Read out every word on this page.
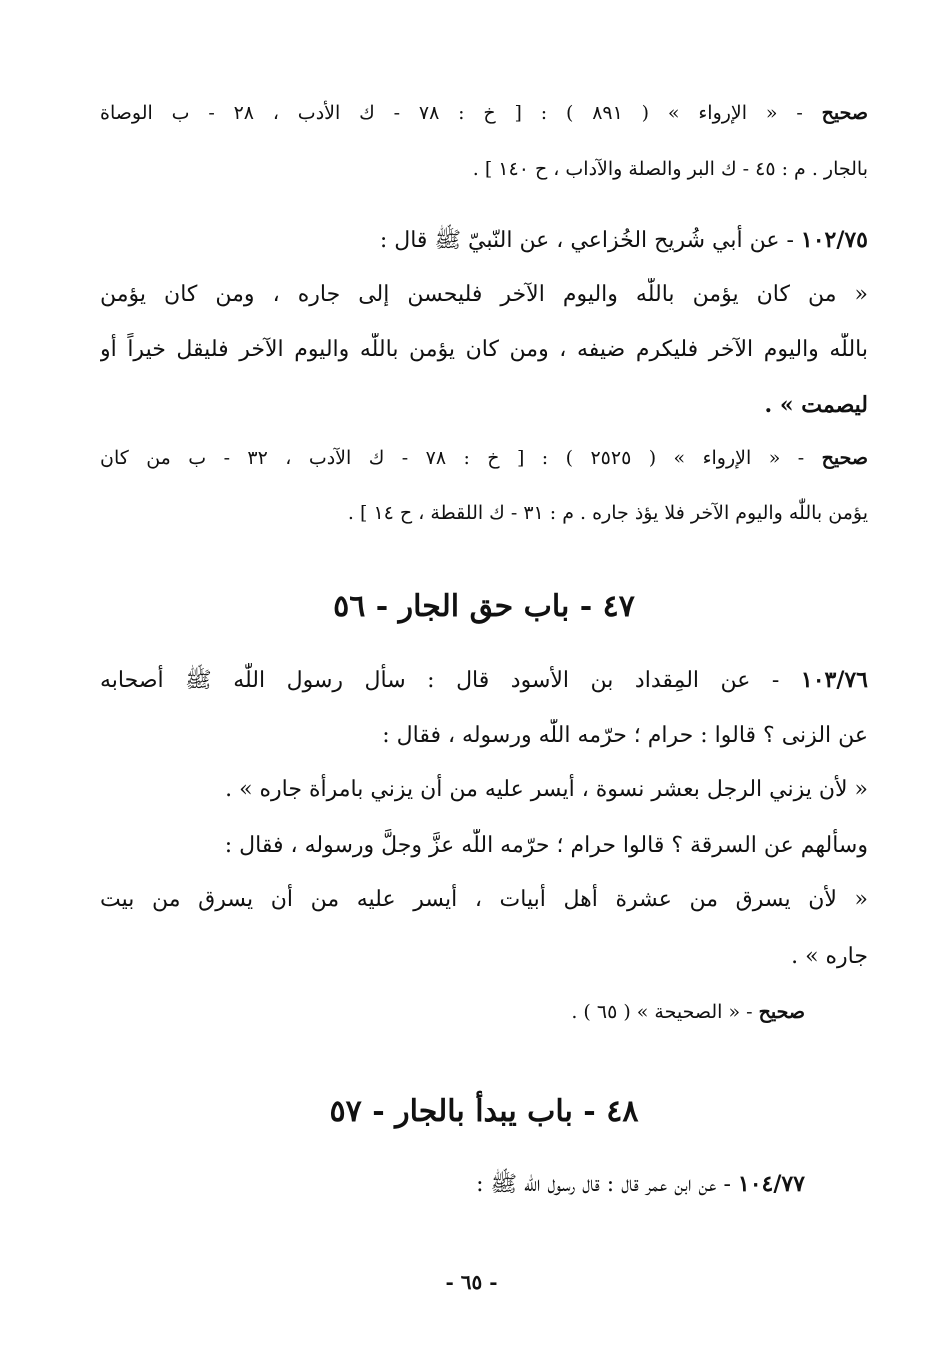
صحيح - « الإرواء » ( ٨٩١ ) : [ خ : ٧٨ - ك الأدب ، ٢٨ - ب الوصاة
بالجار . م : ٤٥ - ك البر والصلة والآداب ، ح ١٤٠ ] .
١٠٢/٧٥ - عن أبي شُريح الخُزاعي ، عن النّبيّ ﷺ قال :
« من كان يؤمن باللّٰه واليوم الآخر فليحسن إلى جاره ، ومن كان يؤمن
باللّٰه واليوم الآخر فليكرم ضيفه ، ومن كان يؤمن باللّٰه واليوم الآخر فليقل خيراً أو
ليصمت » .
صحيح - « الإرواء » ( ٢٥٢٥ ) : [ خ : ٧٨ - ك الآدب ، ٣٢ - ب من كان
يؤمن باللّٰه واليوم الآخر فلا يؤذ جاره . م : ٣١ - ك اللقطة ، ح ١٤ ] .
٤٧ - باب حق الجار - ٥٦
١٠٣/٧٦ - عن المِقداد بن الأسود قال : سأل رسول اللّٰه ﷺ أصحابه
عن الزنى ؟ قالوا : حرام ؛ حرّمه اللّٰه ورسوله ، فقال :
« لأن يزني الرجل بعشر نسوة ، أيسر عليه من أن يزني بامرأة جاره » .
وسألهم عن السرقة ؟ قالوا حرام ؛ حرّمه اللّٰه عزَّ وجلَّ ورسوله ، فقال :
« لأن يسرق من عشرة أهل أبيات ، أيسر عليه من أن يسرق من بيت
جاره » .
صحيح - « الصحيحة » ( ٦٥ ) .
٤٨ - باب يبدأ بالجار - ٥٧
١٠٤/٧٧ - عن ابن عمر قال : قال رسول اللّٰه ﷺ :
- ٦٥ -
